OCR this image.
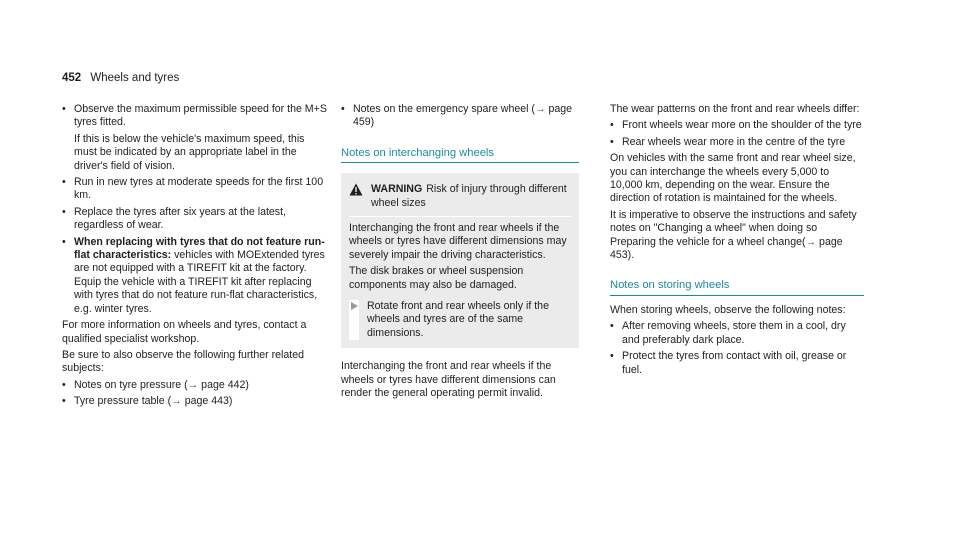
452 Wheels and tyres
• Observe the maximum permissible speed for the M+S tyres fitted.

If this is below the vehicle's maximum speed, this must be indicated by an appropriate label in the driver's field of vision.

• Run in new tyres at moderate speeds for the first 100 km.
• Replace the tyres after six years at the latest, regardless of wear.
• When replacing with tyres that do not feature run-flat characteristics: vehicles with MOExtended tyres are not equipped with a TIREFIT kit at the factory. Equip the vehicle with a TIREFIT kit after replacing with tyres that do not feature run-flat characteristics, e.g. winter tyres.

For more information on wheels and tyres, contact a qualified specialist workshop.

Be sure to also observe the following further related subjects:

• Notes on tyre pressure (→ page 442)
• Tyre pressure table (→ page 443)
• Notes on the emergency spare wheel (→ page 459)
Notes on interchanging wheels
WARNING Risk of injury through different wheel sizes

Interchanging the front and rear wheels if the wheels or tyres have different dimensions may severely impair the driving characteristics.

The disk brakes or wheel suspension components may also be damaged.

Rotate front and rear wheels only if the wheels and tyres are of the same dimensions.

Interchanging the front and rear wheels if the wheels or tyres have different dimensions can render the general operating permit invalid.

The wear patterns on the front and rear wheels differ:

• Front wheels wear more on the shoulder of the tyre
• Rear wheels wear more in the centre of the tyre

On vehicles with the same front and rear wheel size, you can interchange the wheels every 5,000 to 10,000 km, depending on the wear. Ensure the direction of rotation is maintained for the wheels.

It is imperative to observe the instructions and safety notes on "Changing a wheel" when doing so Preparing the vehicle for a wheel change(→ page 453).

Notes on storing wheels

When storing wheels, observe the following notes:

• After removing wheels, store them in a cool, dry and preferably dark place.
• Protect the tyres from contact with oil, grease or fuel.
